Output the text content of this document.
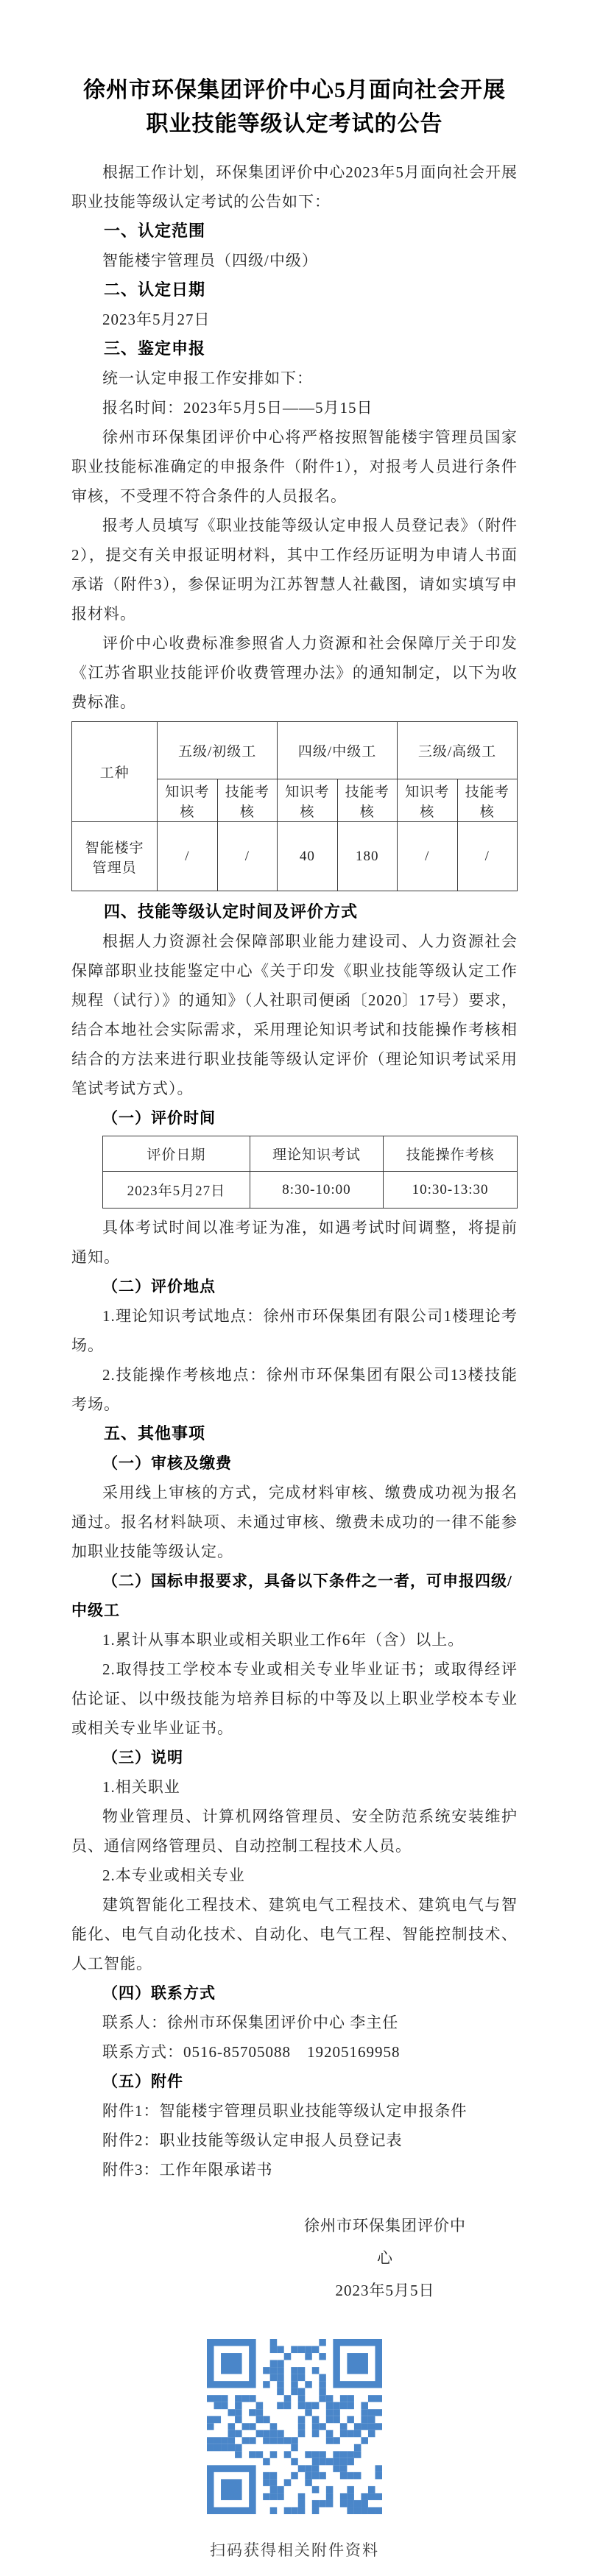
徐州市环保集团评价中心5月面向社会开展
职业技能等级认定考试的公告

根据工作计划，环保集团评价中心2023年5月面向社会开展职业技能等级认定考试的公告如下：

一、认定范围

智能楼宇管理员（四级/中级）

二、认定日期

2023年5月27日

三、鉴定申报

统一认定申报工作安排如下：

报名时间：2023年5月5日——5月15日

徐州市环保集团评价中心将严格按照智能楼宇管理员国家职业技能标准确定的申报条件（附件1），对报考人员进行条件审核，不受理不符合条件的人员报名。

报考人员填写《职业技能等级认定申报人员登记表》（附件2），提交有关申报证明材料，其中工作经历证明为申请人书面承诺（附件3），参保证明为江苏智慧人社截图，请如实填写申报材料。

评价中心收费标准参照省人力资源和社会保障厅关于印发《江苏省职业技能评价收费管理办法》的通知制定，以下为收费标准。

工种	五级/初级工		四级/中级工		三级/高级工	
	知识考核	技能考核	知识考核	技能考核	知识考核	技能考核

智能楼宇
管理员	/	/	40	180	/	/

四、技能等级认定时间及评价方式

根据人力资源社会保障部职业能力建设司、人力资源社会保障部职业技能鉴定中心《关于印发《职业技能等级认定工作规程（试行）》的通知》（人社职司便函〔2020〕17号）要求，结合本地社会实际需求，采用理论知识考试和技能操作考核相结合的方法来进行职业技能等级认定评价（理论知识考试采用笔试考试方式）。

（一）评价时间

评价日期	理论知识考试	技能操作考核
2023年5月27日	8:30-10:00	10:30-13:30

具体考试时间以准考证为准，如遇考试时间调整，将提前通知。

（二）评价地点

1.理论知识考试地点：徐州市环保集团有限公司1楼理论考场。

2.技能操作考核地点：徐州市环保集团有限公司13楼技能考场。

五、其他事项

（一）审核及缴费

采用线上审核的方式，完成材料审核、缴费成功视为报名通过。报名材料缺项、未通过审核、缴费未成功的一律不能参加职业技能等级认定。

（二）国标申报要求，具备以下条件之一者，可申报四级/中级工

1.累计从事本职业或相关职业工作6年（含）以上。

2.取得技工学校本专业或相关专业毕业证书；或取得经评估论证、以中级技能为培养目标的中等及以上职业学校本专业或相关专业毕业证书。

（三）说明

1.相关职业

物业管理员、计算机网络管理员、安全防范系统安装维护员、通信网络管理员、自动控制工程技术人员。

2.本专业或相关专业

建筑智能化工程技术、建筑电气工程技术、建筑电气与智能化、电气自动化技术、自动化、电气工程、智能控制技术、人工智能。

（四）联系方式

联系人：徐州市环保集团评价中心 李主任

联系方式：0516-85705088　19205169958

（五）附件

附件1：智能楼宇管理员职业技能等级认定申报条件

附件2：职业技能等级认定申报人员登记表

附件3：工作年限承诺书

徐州市环保集团评价中心
2023年5月5日
扫码获得相关附件资料
